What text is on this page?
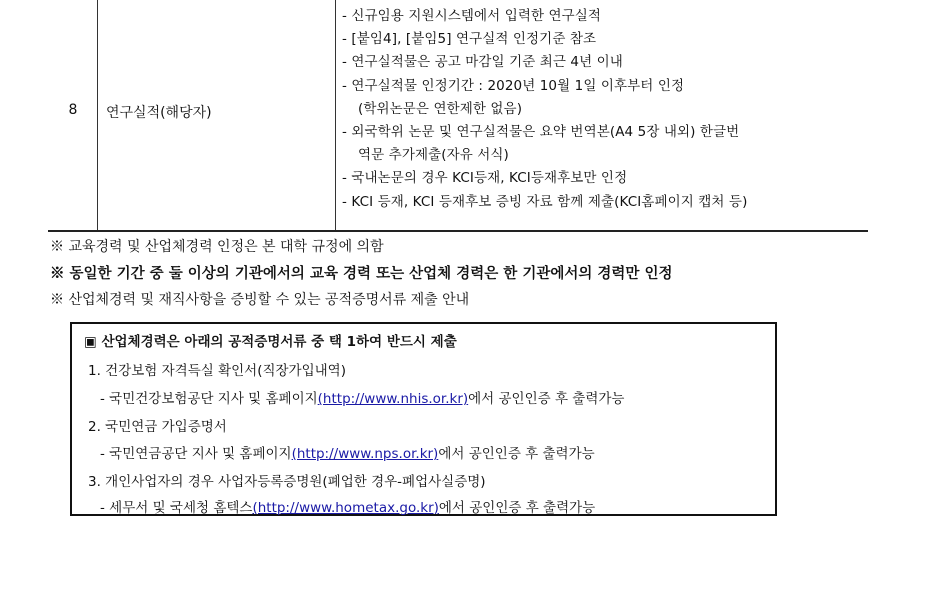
8	연구실적(해당자)
- 신규임용 지원시스템에서 입력한 연구실적
- [붙임4], [붙임5] 연구실적 인정기준 참조
- 연구실적물은 공고 마감일 기준 최근 4년 이내
- 연구실적물 인정기간 : 2020년 10월 1일 이후부터 인정
(학위논문은 연한제한 없음)
- 외국학위 논문 및 연구실적물은 요약 번역본(A4 5장 내외) 한글번
역문 추가제출(자유 서식)
- 국내논문의 경우 KCI등재, KCI등재후보만 인정
- KCI 등재, KCI 등재후보 증빙 자료 함께 제출(KCI홈페이지 캡처 등)
※ 교육경력 및 산업체경력 인정은 본 대학 규정에 의함
※ 동일한 기간 중 둘 이상의 기관에서의 교육 경력 또는 산업체 경력은 한 기관에서의 경력만 인정
※ 산업체경력 및 재직사항을 증빙할 수 있는 공적증명서류 제출 안내
▣ 산업체경력은 아래의 공적증명서류 중 택 1하여 반드시 제출
1. 건강보험 자격득실 확인서(직장가입내역)
- 국민건강보험공단 지사 및 홈페이지(http://www.nhis.or.kr)에서 공인인증 후 출력가능
2. 국민연금 가입증명서
- 국민연금공단 지사 및 홈페이지(http://www.nps.or.kr)에서 공인인증 후 출력가능
3. 개인사업자의 경우 사업자등록증명원(폐업한 경우-폐업사실증명)
- 세무서 및 국세청 홈텍스(http://www.hometax.go.kr)에서 공인인증 후 출력가능
